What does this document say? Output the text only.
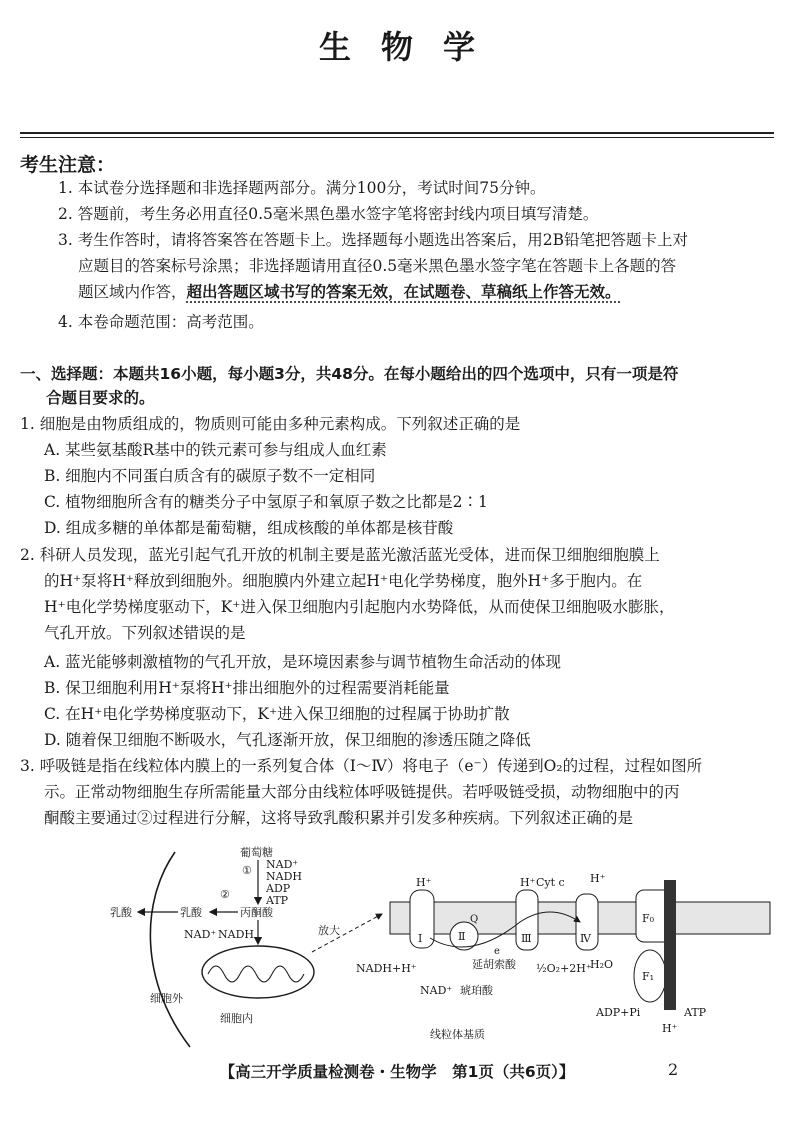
生物学
考生注意：
1. 本试卷分选择题和非选择题两部分。满分100分，考试时间75分钟。
2. 答题前，考生务必用直径0.5毫米黑色墨水签字笔将密封线内项目填写清楚。
3. 考生作答时，请将答案答在答题卡上。选择题每小题选出答案后，用2B铅笔把答题卡上对
应题目的答案标号涂黑；非选择题请用直径0.5毫米黑色墨水签字笔在答题卡上各题的答
题区域内作答，超出答题区域书写的答案无效，在试题卷、草稿纸上作答无效。
4. 本卷命题范围：高考范围。
一、选择题：本题共16小题，每小题3分，共48分。在每小题给出的四个选项中，只有一项是符
合题目要求的。
1. 细胞是由物质组成的，物质则可能由多种元素构成。下列叙述正确的是
A. 某些氨基酸R基中的铁元素可参与组成人血红素
B. 细胞内不同蛋白质含有的碳原子数不一定相同
C. 植物细胞所含有的糖类分子中氢原子和氧原子数之比都是2∶1
D. 组成多糖的单体都是葡萄糖，组成核酸的单体都是核苷酸
2. 科研人员发现，蓝光引起气孔开放的机制主要是蓝光激活蓝光受体，进而保卫细胞细胞膜上
的H⁺泵将H⁺释放到细胞外。细胞膜内外建立起H⁺电化学势梯度，胞外H⁺多于胞内。在
H⁺电化学势梯度驱动下，K⁺进入保卫细胞内引起胞内水势降低，从而使保卫细胞吸水膨胀，
气孔开放。下列叙述错误的是
A. 蓝光能够刺激植物的气孔开放，是环境因素参与调节植物生命活动的体现
B. 保卫细胞利用H⁺泵将H⁺排出细胞外的过程需要消耗能量
C. 在H⁺电化学势梯度驱动下，K⁺进入保卫细胞的过程属于协助扩散
D. 随着保卫细胞不断吸水，气孔逐渐开放，保卫细胞的渗透压随之降低
3. 呼吸链是指在线粒体内膜上的一系列复合体（Ⅰ～Ⅳ）将电子（e⁻）传递到O₂的过程，过程如图所
示。正常动物细胞生存所需能量大部分由线粒体呼吸链提供。若呼吸链受损，动物细胞中的丙
酮酸主要通过②过程进行分解，这将导致乳酸积累并引发多种疾病。下列叙述正确的是
葡萄糖
① NAD⁺
NADH
ADP
ATP
丙酮酸
②
乳酸
乳酸
NAD⁺ NADH
细胞外
细胞内
放大
Ⅰ	Ⅱ
Q
Ⅲ
Cyt c
Ⅳ
F₀
F₁
H⁺	H⁺	H⁺
H⁺
e
NADH+H⁺
NAD⁺
延胡索酸
琥珀酸
½O₂+2H⁺
H₂O
ADP+Pi	ATP
线粒体基质
【高三开学质量检测卷・生物学　第1页（共6页）】	2
